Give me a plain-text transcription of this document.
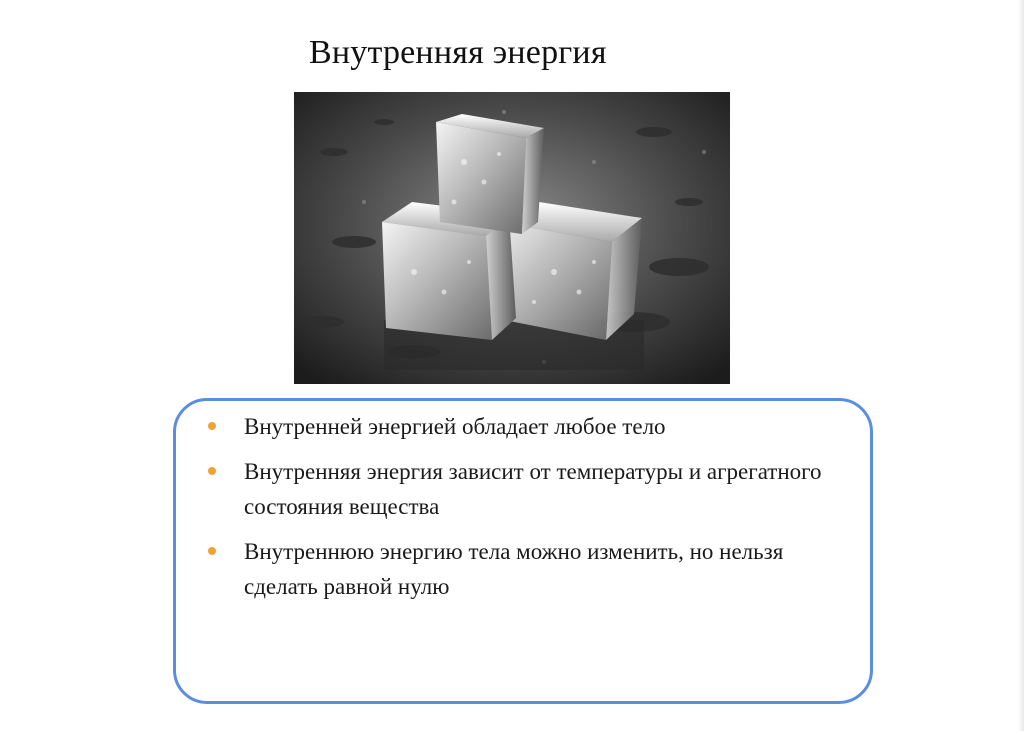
Внутренняя энергия
Внутренней энергией обладает любое тело
Внутренняя энергия зависит от температуры и агрегатного состояния вещества
Внутреннюю энергию тела можно изменить, но нельзя сделать равной нулю
